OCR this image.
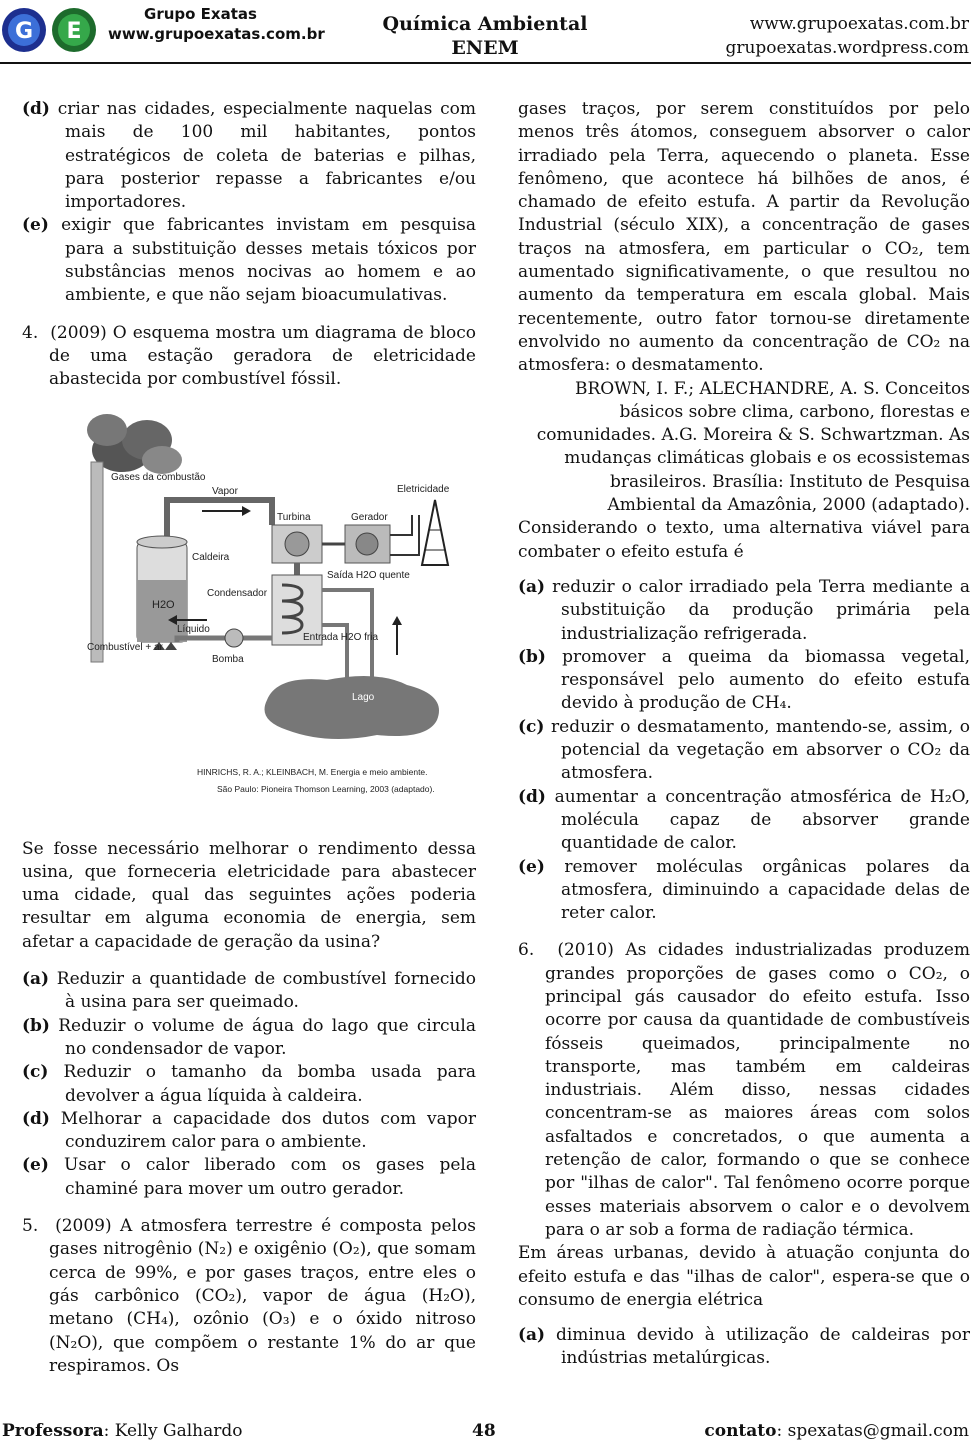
G E
Grupo Exatas
www.grupoexatas.com.br	Química Ambiental
ENEM
www.grupoexatas.com.br
grupoexatas.wordpress.com

(d) criar nas cidades, especialmente naquelas com mais de 100 mil habitantes, pontos estratégicos de coleta de baterias e pilhas, para posterior repasse a fabricantes e/ou importadores.

(e) exigir que fabricantes invistam em pesquisa para a substituição desses metais tóxicos por substâncias menos nocivas ao homem e ao ambiente, e que não sejam bioacumulativas.

4. (2009) O esquema mostra um diagrama de bloco de uma estação geradora de eletricidade abastecida por combustível fóssil.

Gases da combustão
Vapor
Caldeira
H2O
Turbina	Gerador
Eletricidade
Condensador
Saída H2O quente
Entrada H2O fria
Líquido
Bomba
Combustível + ar
Lago
HINRICHS, R. A.; KLEINBACH, M. Energia e meio ambiente.
São Paulo: Pioneira Thomson Learning, 2003 (adaptado).

Se fosse necessário melhorar o rendimento dessa usina, que forneceria eletricidade para abastecer uma cidade, qual das seguintes ações poderia resultar em alguma economia de energia, sem afetar a capacidade de geração da usina?

(a) Reduzir a quantidade de combustível fornecido à usina para ser queimado.

(b) Reduzir o volume de água do lago que circula no condensador de vapor.

(c) Reduzir o tamanho da bomba usada para devolver a água líquida à caldeira.

(d) Melhorar a capacidade dos dutos com vapor conduzirem calor para o ambiente.

(e) Usar o calor liberado com os gases pela chaminé para mover um outro gerador.

5. (2009) A atmosfera terrestre é composta pelos gases nitrogênio (N₂) e oxigênio (O₂), que somam cerca de 99%, e por gases traços, entre eles o gás carbônico (CO₂), vapor de água (H₂O), metano (CH₄), ozônio (O₃) e o óxido nitroso (N₂O), que compõem o restante 1% do ar que respiramos. Os

gases traços, por serem constituídos por pelo menos três átomos, conseguem absorver o calor irradiado pela Terra, aquecendo o planeta. Esse fenômeno, que acontece há bilhões de anos, é chamado de efeito estufa. A partir da Revolução Industrial (século XIX), a concentração de gases traços na atmosfera, em particular o CO₂, tem aumentado significativamente, o que resultou no aumento da temperatura em escala global. Mais recentemente, outro fator tornou-se diretamente envolvido no aumento da concentração de CO₂ na atmosfera: o desmatamento.

BROWN, I. F.; ALECHANDRE, A. S. Conceitos básicos sobre clima, carbono, florestas e comunidades. A.G. Moreira & S. Schwartzman. As mudanças climáticas globais e os ecossistemas brasileiros. Brasília: Instituto de Pesquisa Ambiental da Amazônia, 2000 (adaptado).

Considerando o texto, uma alternativa viável para combater o efeito estufa é

(a) reduzir o calor irradiado pela Terra mediante a substituição da produção primária pela industrialização refrigerada.

(b) promover a queima da biomassa vegetal, responsável pelo aumento do efeito estufa devido à produção de CH₄.

(c) reduzir o desmatamento, mantendo-se, assim, o potencial da vegetação em absorver o CO₂ da atmosfera.

(d) aumentar a concentração atmosférica de H₂O, molécula capaz de absorver grande quantidade de calor.

(e) remover moléculas orgânicas polares da atmosfera, diminuindo a capacidade delas de reter calor.

6. (2010) As cidades industrializadas produzem grandes proporções de gases como o CO₂, o principal gás causador do efeito estufa. Isso ocorre por causa da quantidade de combustíveis fósseis queimados, principalmente no transporte, mas também em caldeiras industriais. Além disso, nessas cidades concentram-se as maiores áreas com solos asfaltados e concretados, o que aumenta a retenção de calor, formando o que se conhece por "ilhas de calor". Tal fenômeno ocorre porque esses materiais absorvem o calor e o devolvem para o ar sob a forma de radiação térmica.

Em áreas urbanas, devido à atuação conjunta do efeito estufa e das "ilhas de calor", espera-se que o consumo de energia elétrica

(a) diminua devido à utilização de caldeiras por indústrias metalúrgicas.

Professora: Kelly Galhardo	48	contato: spexatas@gmail.com
